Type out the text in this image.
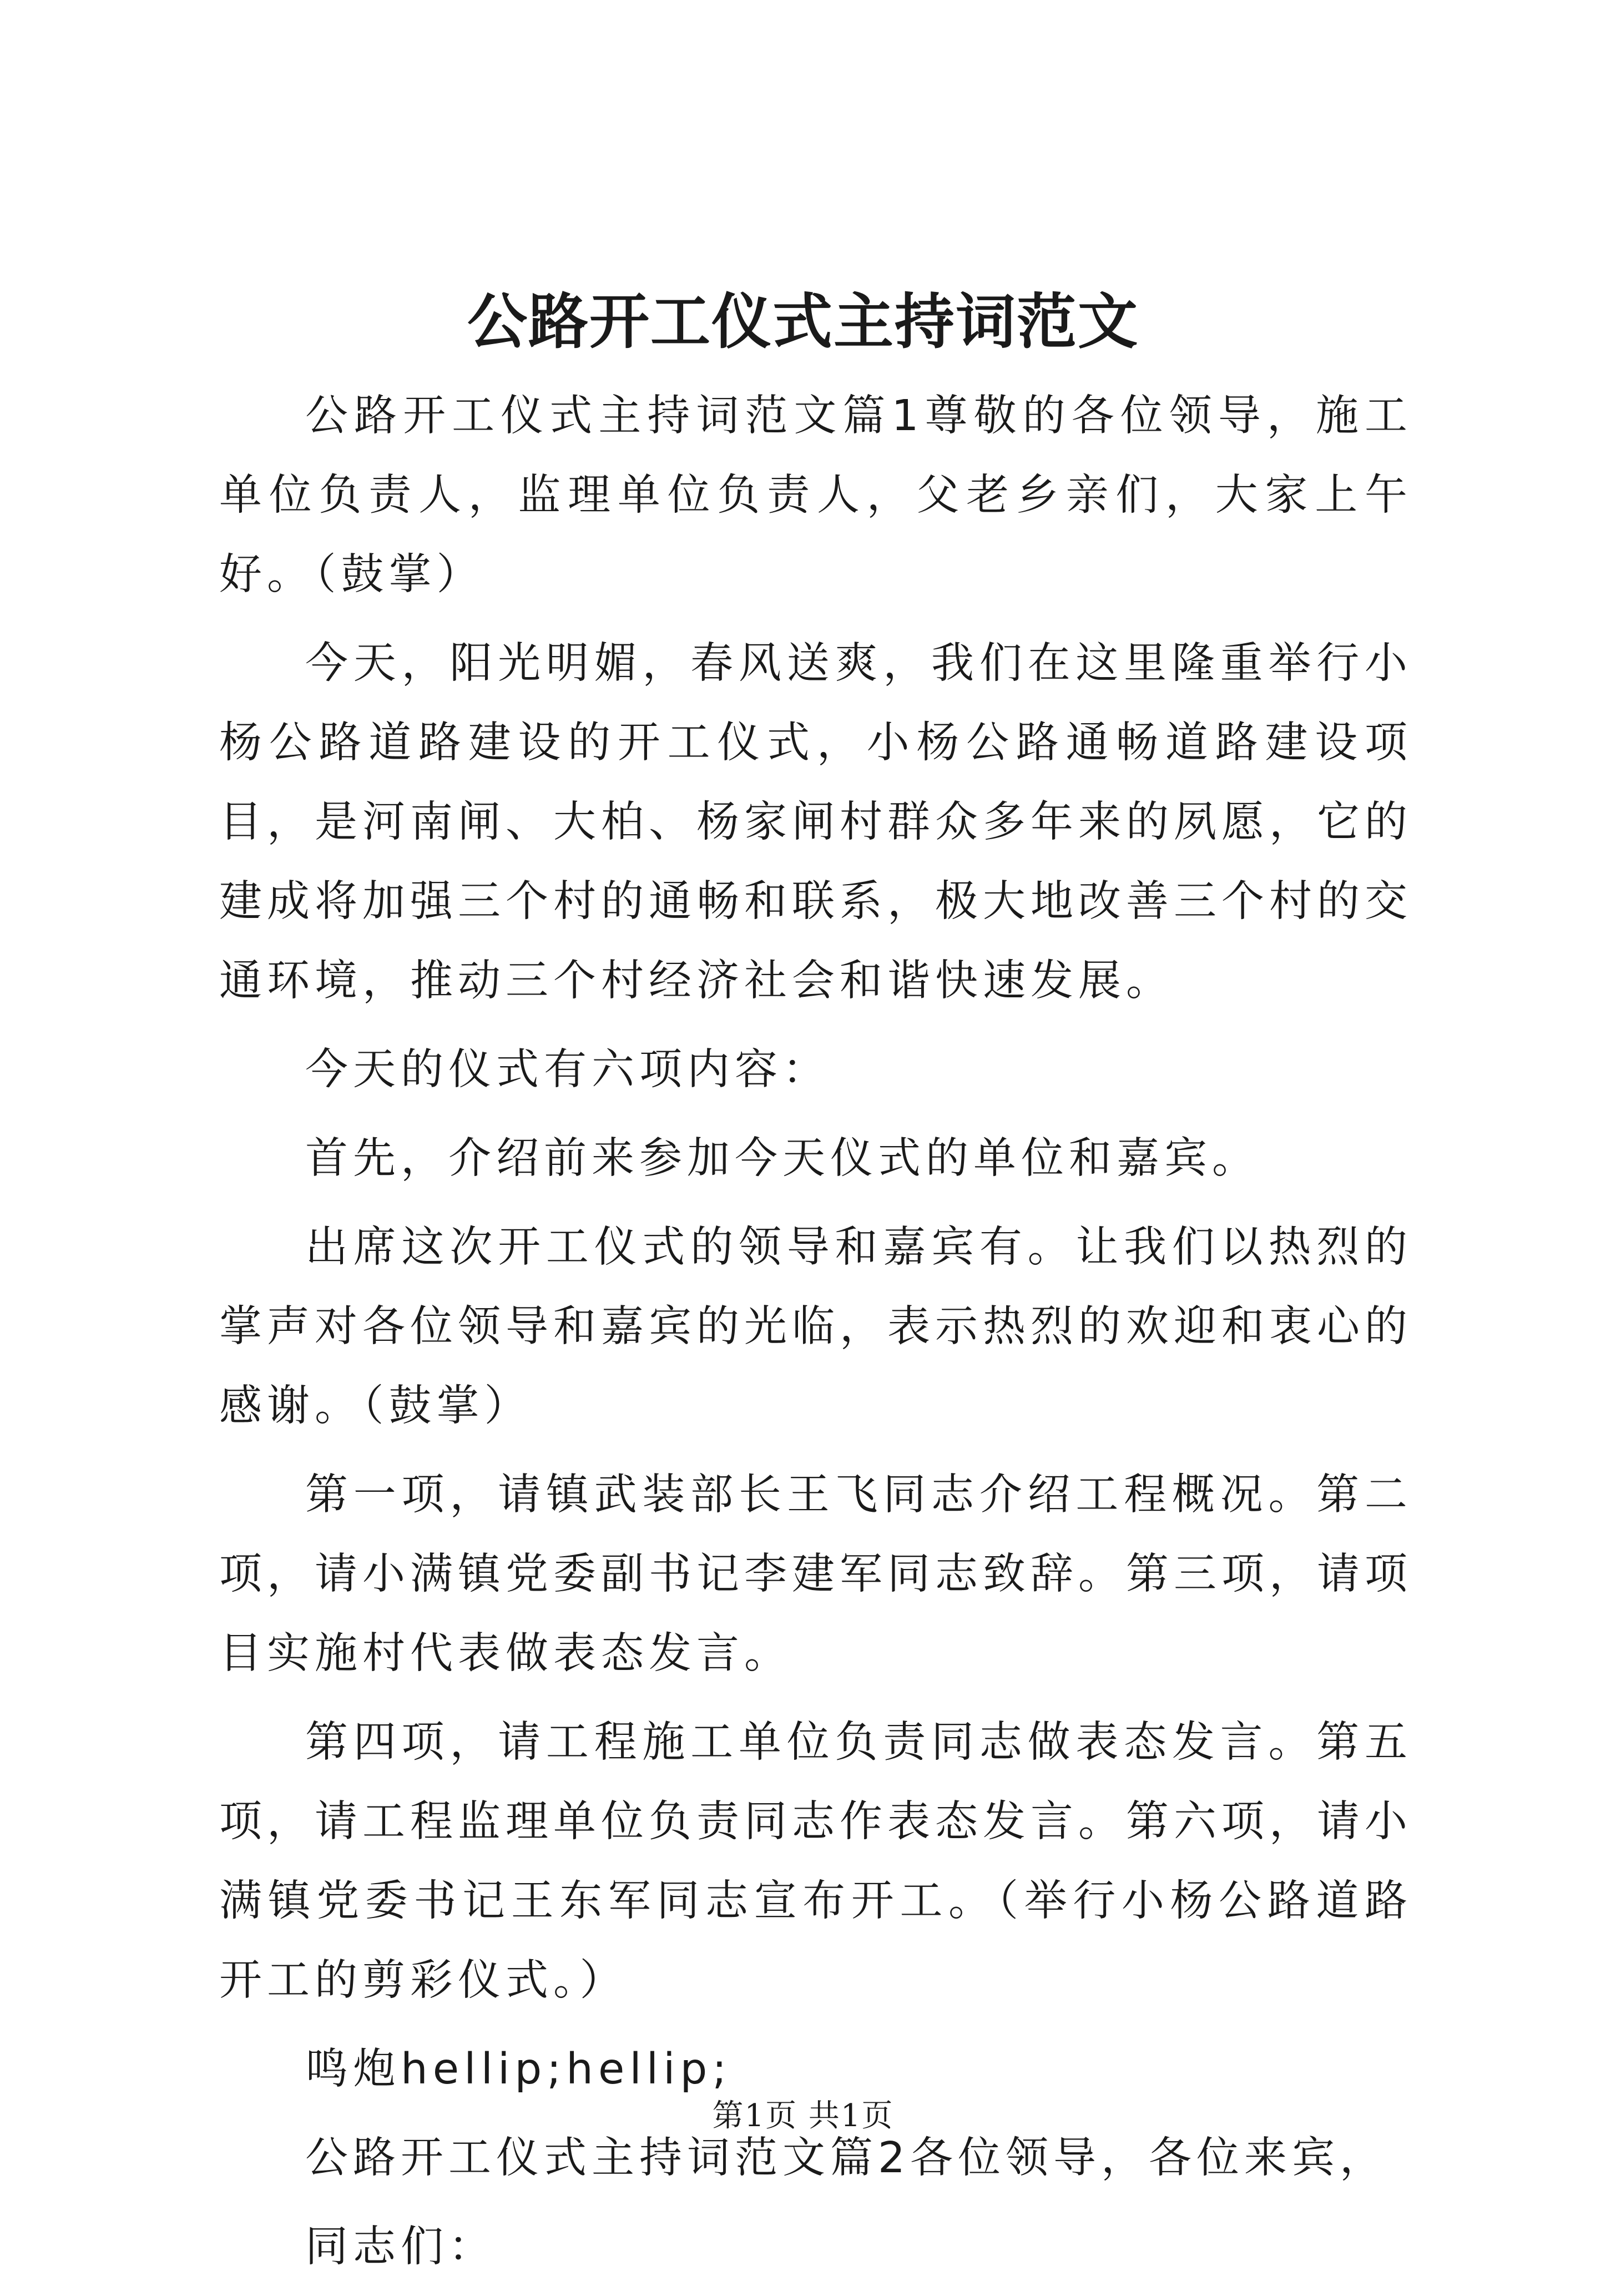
公路开工仪式主持词范文

公路开工仪式主持词范文篇1尊敬的各位领导，施工单位负责人，监理单位负责人，父老乡亲们，大家上午好。（鼓掌）

今天，阳光明媚，春风送爽，我们在这里隆重举行小杨公路道路建设的开工仪式，小杨公路通畅道路建设项目，是河南闸、大柏、杨家闸村群众多年来的夙愿，它的建成将加强三个村的通畅和联系，极大地改善三个村的交通环境，推动三个村经济社会和谐快速发展。

今天的仪式有六项内容：

首先，介绍前来参加今天仪式的单位和嘉宾。

出席这次开工仪式的领导和嘉宾有。让我们以热烈的掌声对各位领导和嘉宾的光临，表示热烈的欢迎和衷心的感谢。（鼓掌）

第一项，请镇武装部长王飞同志介绍工程概况。第二项，请小满镇党委副书记李建军同志致辞。第三项，请项目实施村代表做表态发言。

第四项，请工程施工单位负责同志做表态发言。第五项，请工程监理单位负责同志作表态发言。第六项，请小满镇党委书记王东军同志宣布开工。（举行小杨公路道路开工的剪彩仪式。）

鸣炮hellip;hellip;

公路开工仪式主持词范文篇2各位领导，各位来宾，

同志们：

第1页 共1页
